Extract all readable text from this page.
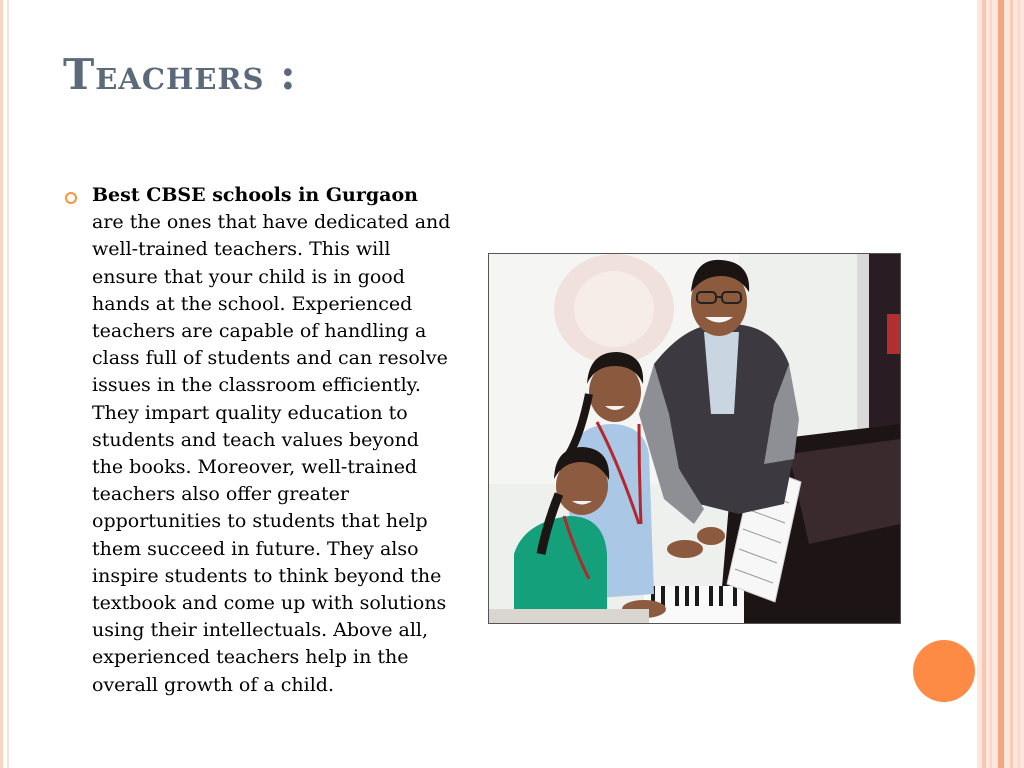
Teachers :

Best CBSE schools in Gurgaon are the ones that have dedicated and well-trained teachers. This will ensure that your child is in good hands at the school. Experienced teachers are capable of handling a class full of students and can resolve issues in the classroom efficiently. They impart quality education to students and teach values beyond the books. Moreover, well-trained teachers also offer greater opportunities to students that help them succeed in future. They also inspire students to think beyond the textbook and come up with solutions using their intellectuals. Above all, experienced teachers help in the overall growth of a child.
